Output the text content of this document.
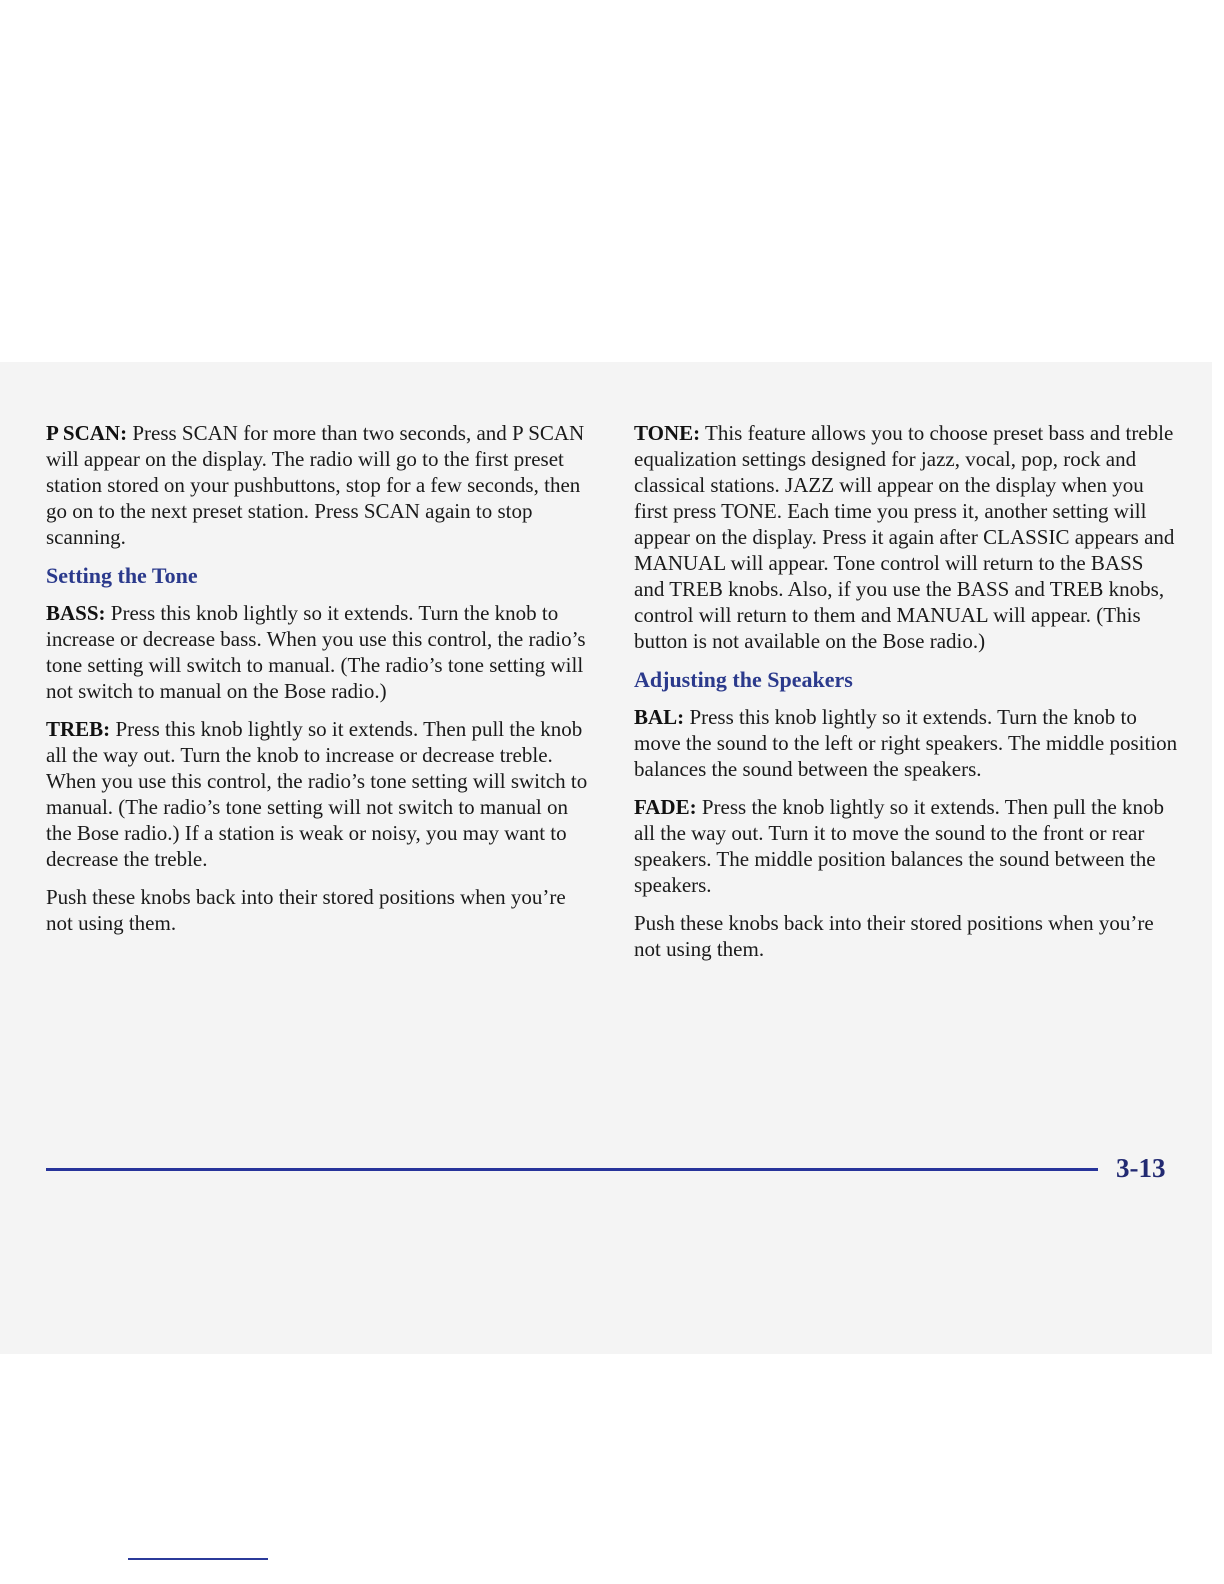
P SCAN: Press SCAN for more than two seconds, and P SCAN will appear on the display. The radio will go to the first preset station stored on your pushbuttons, stop for a few seconds, then go on to the next preset station. Press SCAN again to stop scanning.

Setting the Tone

BASS: Press this knob lightly so it extends. Turn the knob to increase or decrease bass. When you use this control, the radio’s tone setting will switch to manual. (The radio’s tone setting will not switch to manual on the Bose radio.)

TREB: Press this knob lightly so it extends. Then pull the knob all the way out. Turn the knob to increase or decrease treble. When you use this control, the radio’s tone setting will switch to manual. (The radio’s tone setting will not switch to manual on the Bose radio.) If a station is weak or noisy, you may want to decrease the treble.

Push these knobs back into their stored positions when you’re not using them.

TONE: This feature allows you to choose preset bass and treble equalization settings designed for jazz, vocal, pop, rock and classical stations. JAZZ will appear on the display when you first press TONE. Each time you press it, another setting will appear on the display. Press it again after CLASSIC appears and MANUAL will appear. Tone control will return to the BASS and TREB knobs. Also, if you use the BASS and TREB knobs, control will return to them and MANUAL will appear. (This button is not available on the Bose radio.)

Adjusting the Speakers

BAL: Press this knob lightly so it extends. Turn the knob to move the sound to the left or right speakers. The middle position balances the sound between the speakers.

FADE: Press the knob lightly so it extends. Then pull the knob all the way out. Turn it to move the sound to the front or rear speakers. The middle position balances the sound between the speakers.

Push these knobs back into their stored positions when you’re not using them.

3-13
